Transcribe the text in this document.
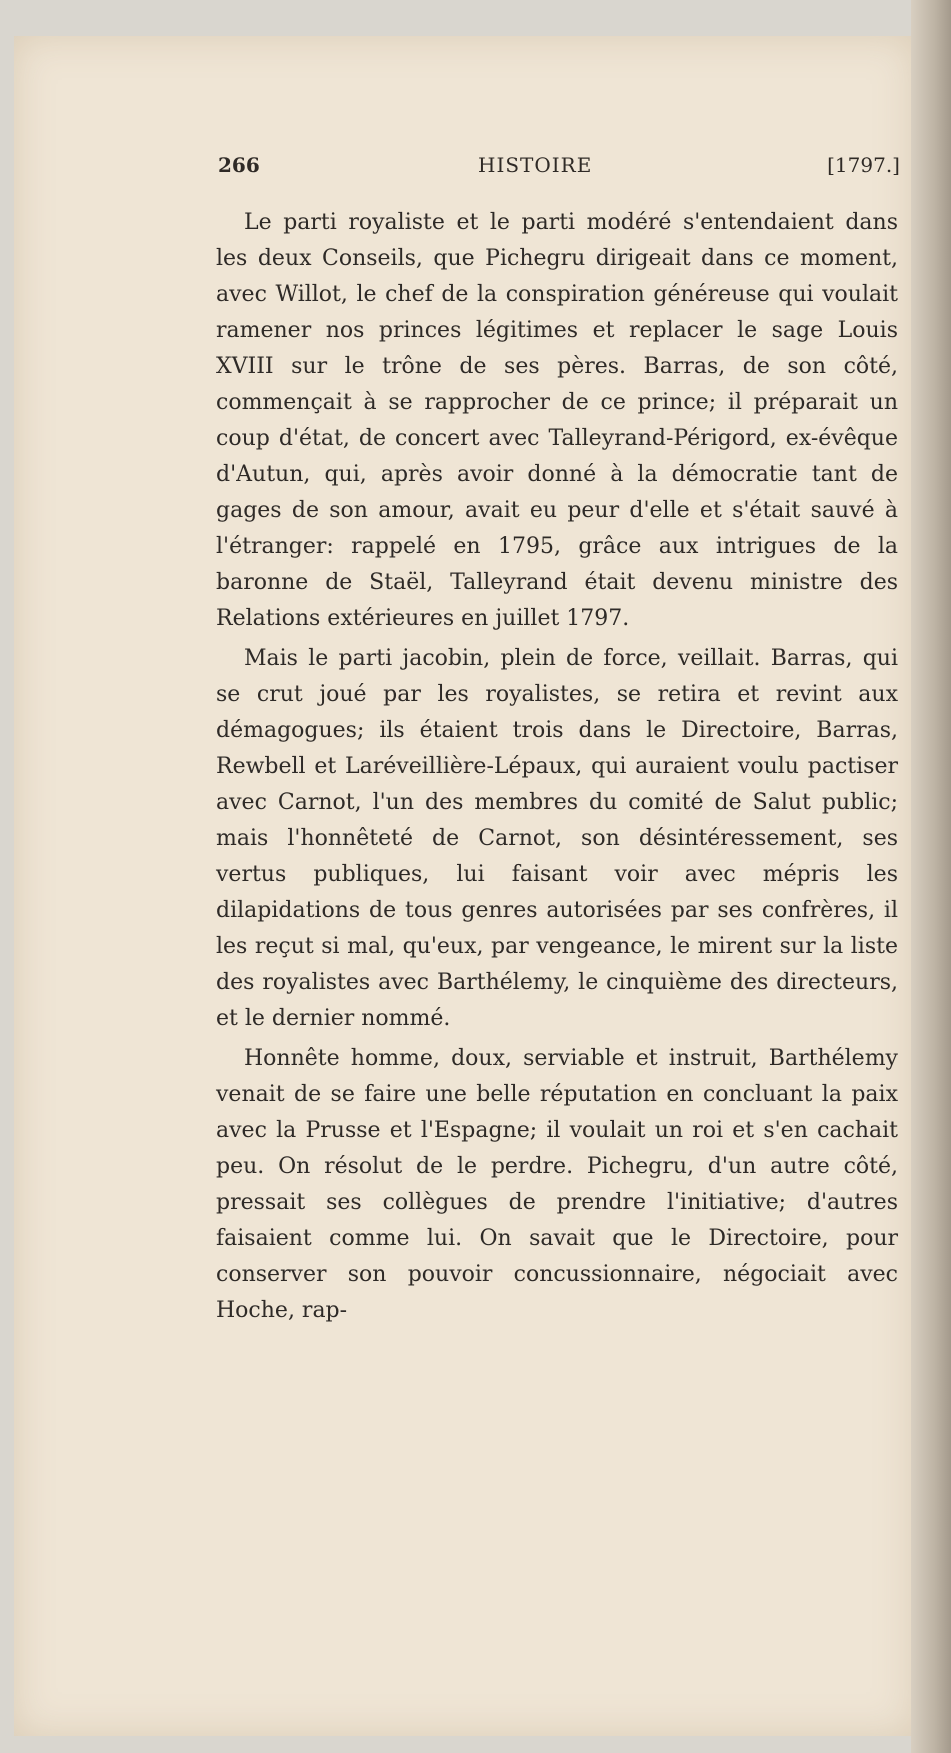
266	HISTOIRE	[1797.]

Le parti royaliste et le parti modéré s'entendaient dans les deux Conseils, que Pichegru dirigeait dans ce moment, avec Willot, le chef de la conspiration généreuse qui voulait ramener nos princes légitimes et replacer le sage Louis XVIII sur le trône de ses pères. Barras, de son côté, commençait à se rapprocher de ce prince; il préparait un coup d'état, de concert avec Talleyrand-Périgord, ex-évêque d'Autun, qui, après avoir donné à la démocratie tant de gages de son amour, avait eu peur d'elle et s'était sauvé à l'étranger: rappelé en 1795, grâce aux intrigues de la baronne de Staël, Talleyrand était devenu ministre des Relations extérieures en juillet 1797.

Mais le parti jacobin, plein de force, veillait. Barras, qui se crut joué par les royalistes, se retira et revint aux démagogues; ils étaient trois dans le Directoire, Barras, Rewbell et Laréveillière-Lépaux, qui auraient voulu pactiser avec Carnot, l'un des membres du comité de Salut public; mais l'honnêteté de Carnot, son désintéressement, ses vertus publiques, lui faisant voir avec mépris les dilapidations de tous genres autorisées par ses confrères, il les reçut si mal, qu'eux, par vengeance, le mirent sur la liste des royalistes avec Barthélemy, le cinquième des directeurs, et le dernier nommé.

Honnête homme, doux, serviable et instruit, Barthélemy venait de se faire une belle réputation en concluant la paix avec la Prusse et l'Espagne; il voulait un roi et s'en cachait peu. On résolut de le perdre. Pichegru, d'un autre côté, pressait ses collègues de prendre l'initiative; d'autres faisaient comme lui. On savait que le Directoire, pour conserver son pouvoir concussionnaire, négociait avec Hoche, rap-
